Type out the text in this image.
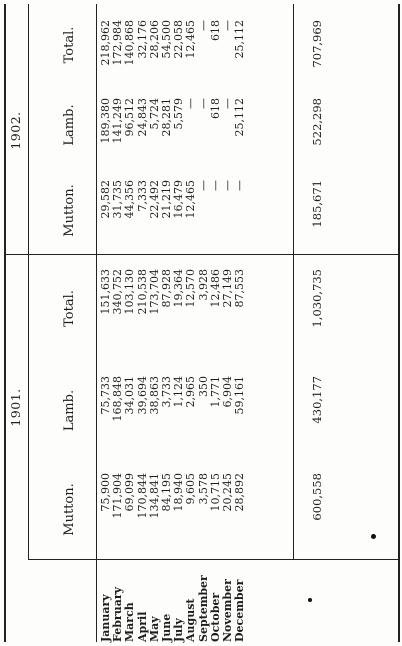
1901.
1902.
Mutton.
Lamb.
Total.
Mutton.
Lamb.
Total.
January February March April May June July August September October November December
75,900 171,904 69,099 170,844 134,841 84,195 18,940 9,605 3,578 10,715 20,245 28,892
75,733 168,848 34,031 39,694 38,863 3,733 1,124 2,965 350 1,771 6,904 59,161
151,633 340,752 103,130 210,538 173,704 87,928 19,364 12,570 3,928 12,486 27,149 87,553
29,582 31,735 44,356 7,333 22,492 21,219 16,479 12,465 — — — —
189,380 141,249 96,512 24,843 5,724 28,281 5,579 — — 618 — 25,112
218,962 172,984 140,868 32,176 28,206 54,500 22,058 12,465 — 618 — 25,112
600,558
430,177
1,030,735
185,671
522,298
707,969
